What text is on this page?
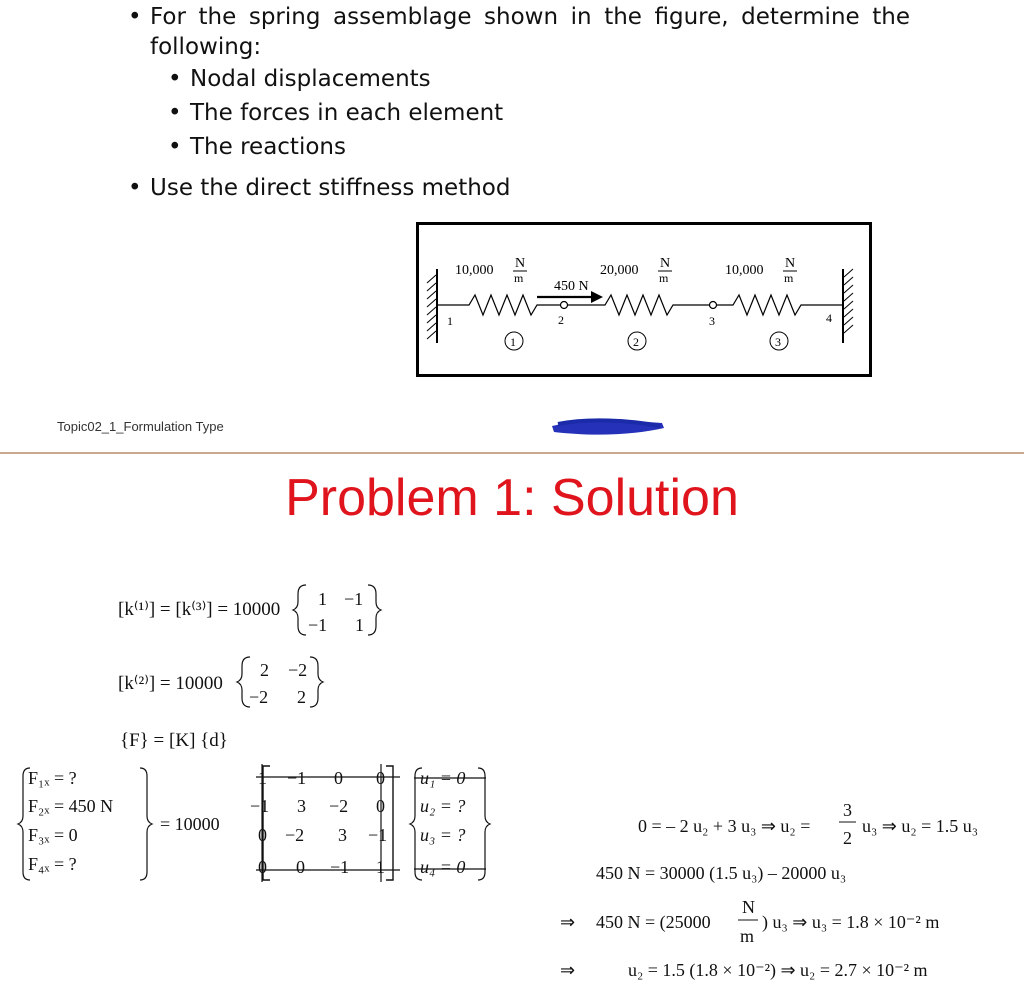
• For the spring assemblage shown in the figure, determine the following:
• Nodal displacements
• The forces in each element
• The reactions
• Use the direct stiffness method
10,000 N
m	20,000 N
m	10,000 N
m
450 N
1	2	3	4
1	2	3
Topic02_1_Formulation Type
Problem 1: Solution
[k⁽¹⁾] = [k⁽³⁾] = 10000
[k⁽²⁾] = 10000
{F} = [K] {d}
1 −1
−1 1
2 −2
−2 2
F₁ₓ = ?
F₂ₓ = 450 N
F₃ₓ = 0
F₄ₓ = ?
= 10000
1 −1 0 0
−1 3 −2 0
0 −2 3 −1
0 0 −1 1
u₁ = 0
u₂ = ?
u₃ = ?
u₄ = 0
0 = – 2 u₂ + 3 u₃ ⇒ u₂ =
3
2
u₃ ⇒ u₂ = 1.5 u₃
450 N = 30000 (1.5 u₃) – 20000 u₃
⇒ 450 N = (25000
N
m
) u₃ ⇒ u₃ = 1.8 × 10⁻² m
⇒	u₂ = 1.5 (1.8 × 10⁻²) ⇒ u₂ = 2.7 × 10⁻² m
